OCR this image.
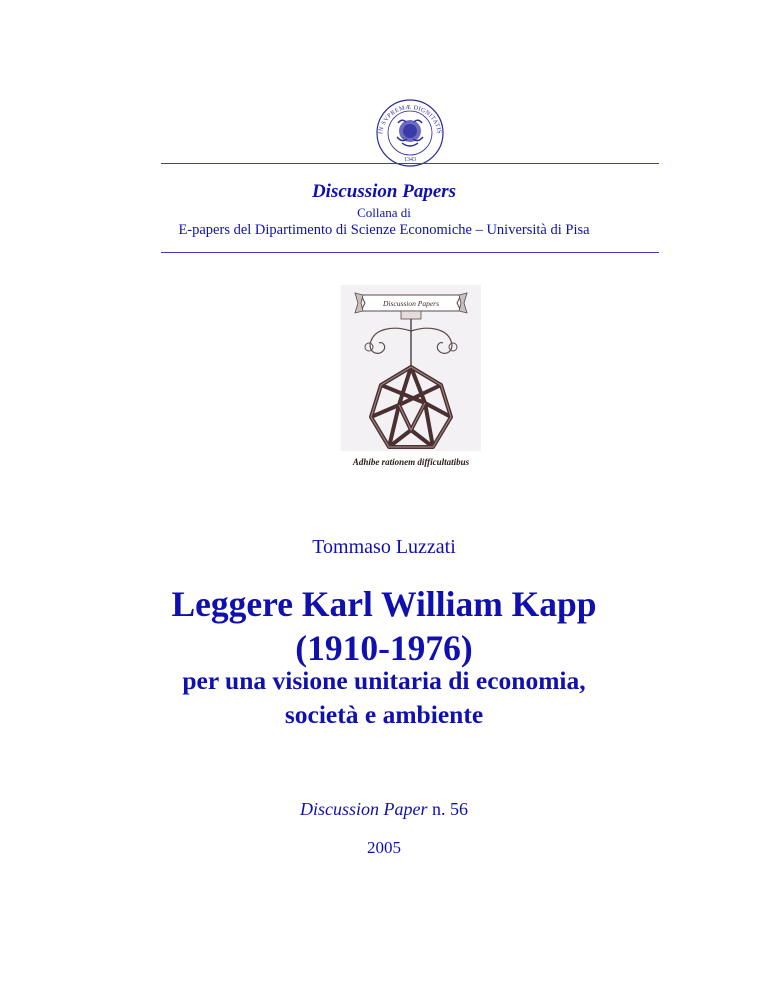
1343
IN SVPREMÆ DIGNITATIS
Discussion Papers
Collana di
E-papers del Dipartimento di Scienze Economiche – Università di Pisa
Discussion Papers
Adhibe rationem difficultatibus
Tommaso Luzzati
Leggere Karl William Kapp
(1910-1976)
per una visione unitaria di economia,
società e ambiente
Discussion Paper n. 56
2005
